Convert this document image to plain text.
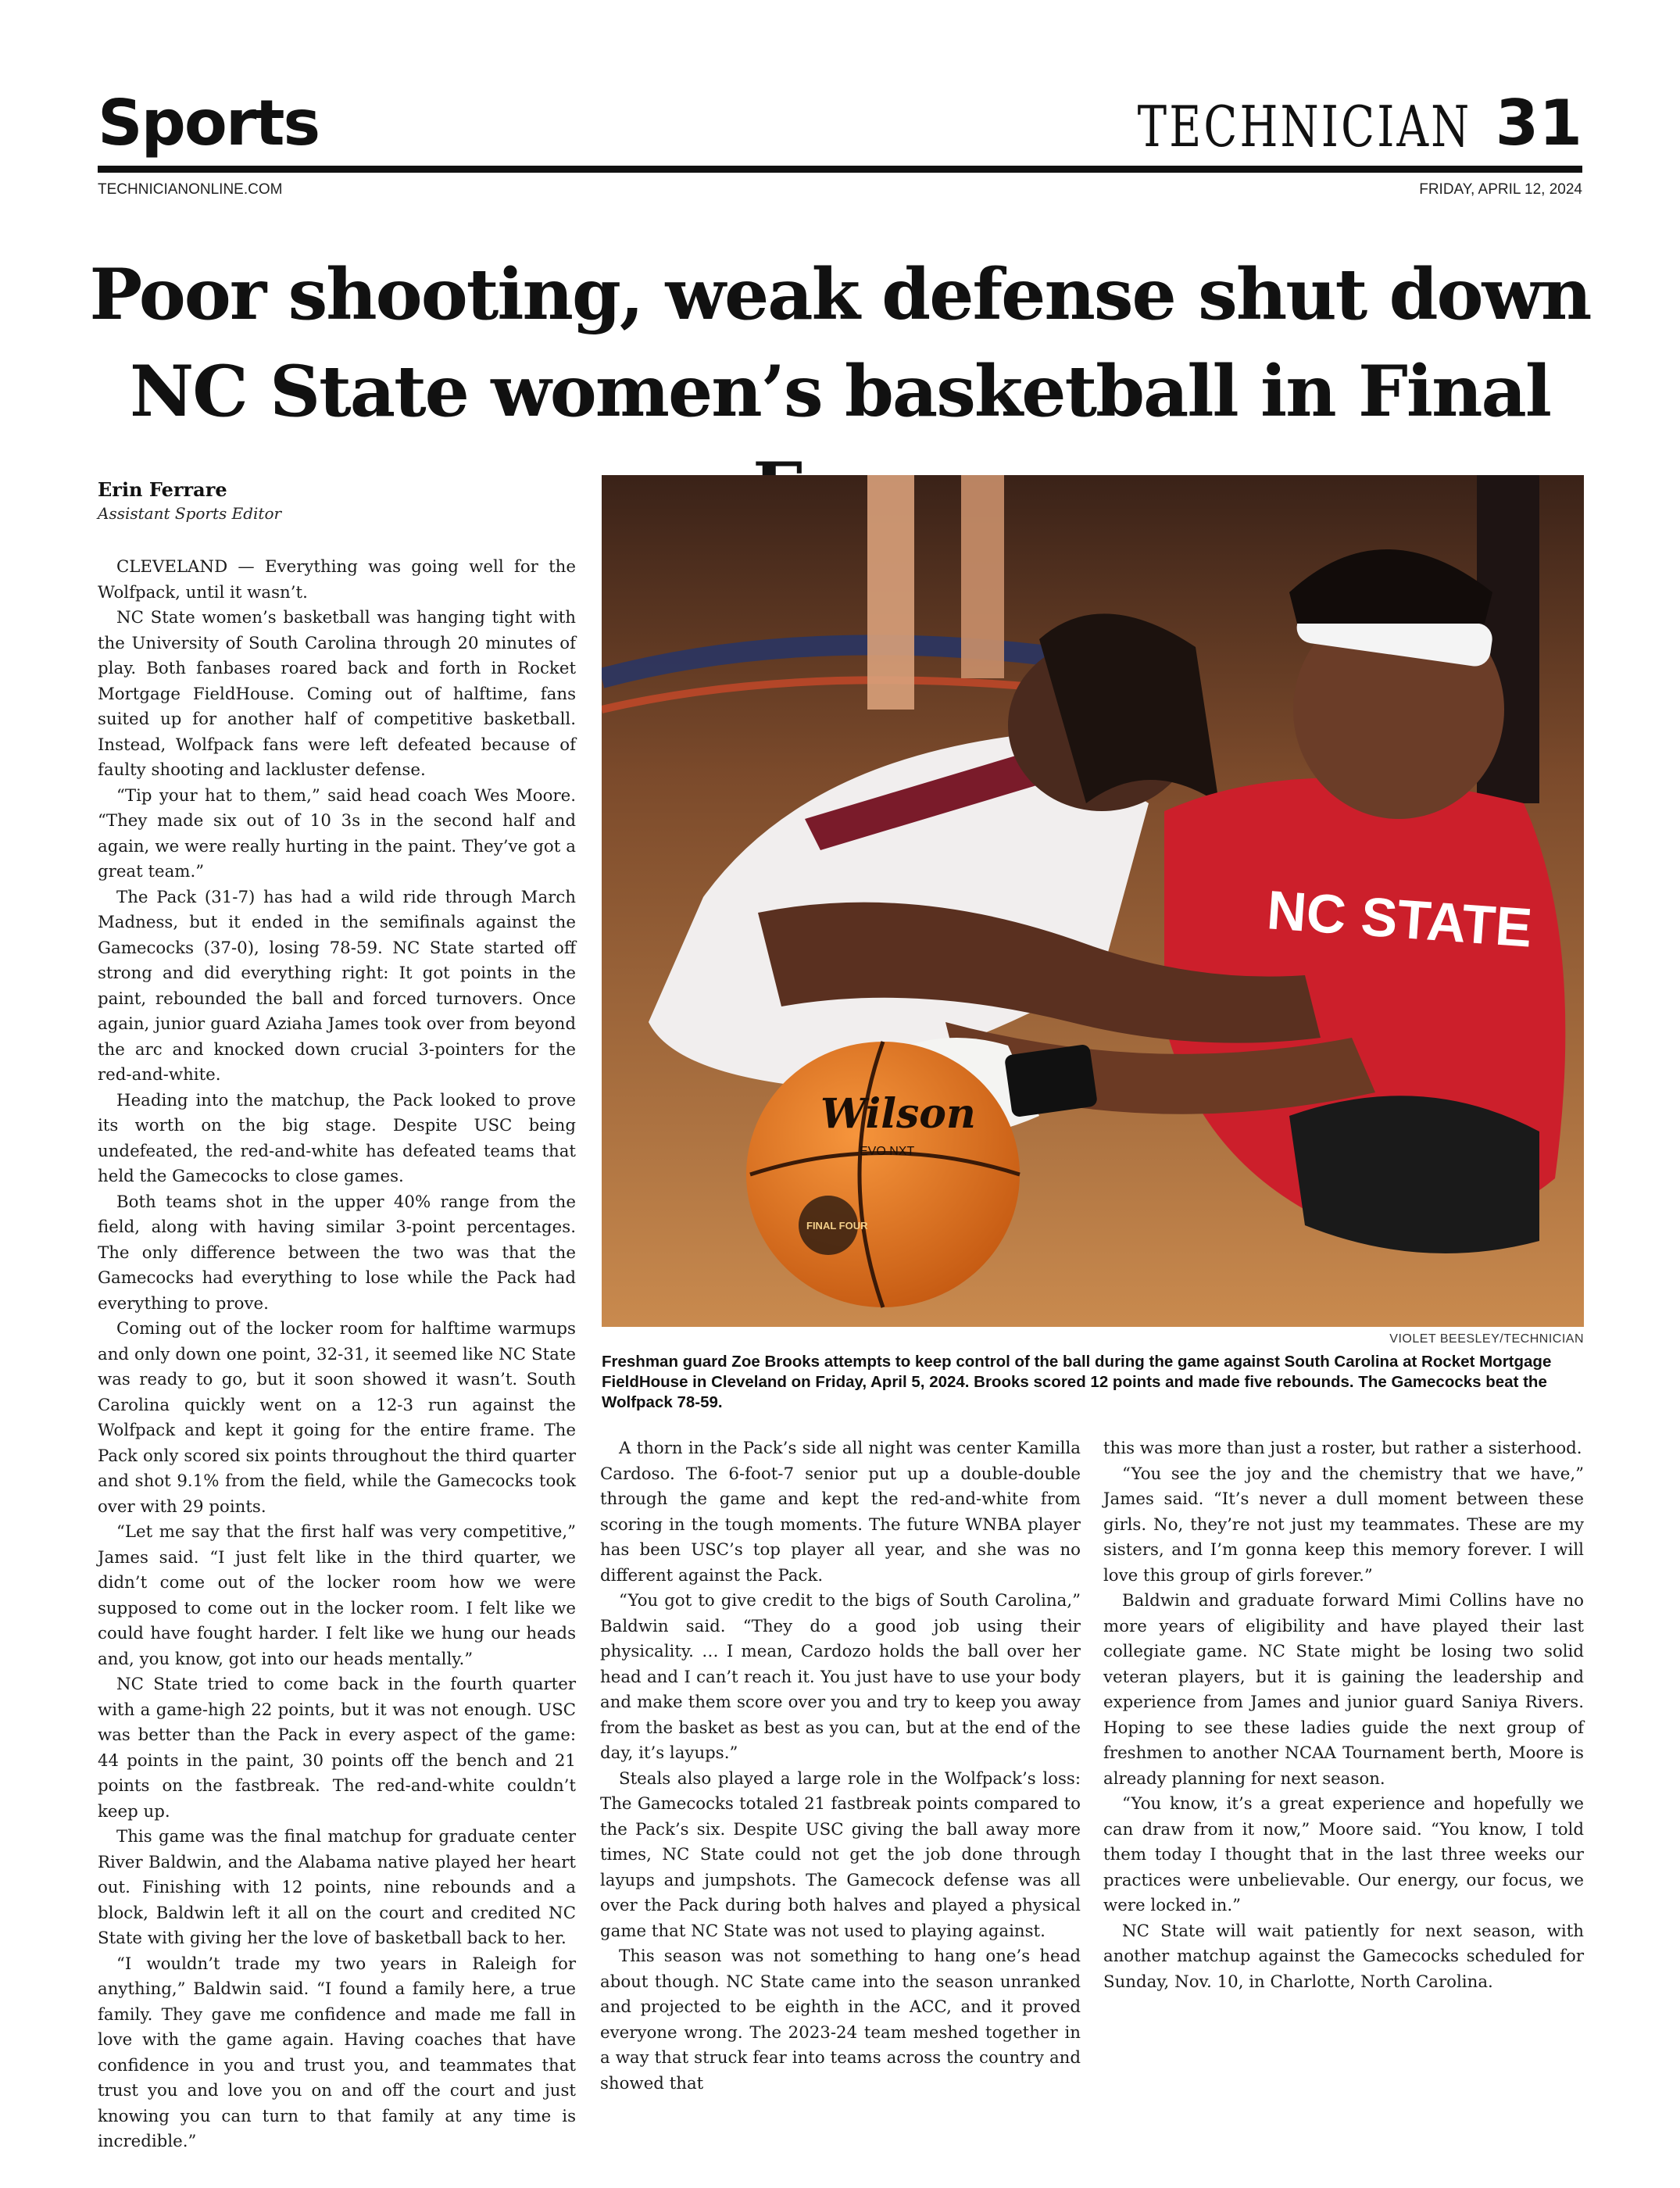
Sports	TECHNICIAN 31
TECHNICIANONLINE.COM	FRIDAY, APRIL 12, 2024
Poor shooting, weak defense shut down
NC State women’s basketball in Final
Erin Ferrare
Assistant Sports Editor

CLEVELAND — Everything was going well for the Wolfpack, until it wasn’t.

NC State women’s basketball was hanging tight with the University of South Carolina through 20 minutes of play. Both fanbases roared back and forth in Rocket Mortgage FieldHouse. Coming out of halftime, fans suited up for another half of competitive basketball. Instead, Wolfpack fans were left defeated because of faulty shooting and lackluster defense.

“Tip your hat to them,” said head coach Wes Moore. “They made six out of 10 3s in the second half and again, we were really hurting in the paint. They’ve got a great team.”

The Pack (31-7) has had a wild ride through March Madness, but it ended in the semifinals against the Gamecocks (37-0), losing 78-59. NC State started off strong and did everything right: It got points in the paint, rebounded the ball and forced turnovers. Once again, junior guard Aziaha James took over from beyond the arc and knocked down crucial 3-pointers for the red-and-white.

Heading into the matchup, the Pack looked to prove its worth on the big stage. Despite USC being undefeated, the red-and-white has defeated teams that held the Gamecocks to close games.

Both teams shot in the upper 40% range from the field, along with having similar 3-point percentages. The only difference between the two was that the Gamecocks had everything to lose while the Pack had everything to prove.

Coming out of the locker room for halftime warmups and only down one point, 32-31, it seemed like NC State was ready to go, but it soon showed it wasn’t. South Carolina quickly went on a 12-3 run against the Wolfpack and kept it going for the entire frame. The Pack only scored six points throughout the third quarter and shot 9.1% from the field, while the Gamecocks took over with 29 points.

“Let me say that the first half was very competitive,” James said. “I just felt like in the third quarter, we didn’t come out of the locker room how we were supposed to come out in the locker room. I felt like we could have fought harder. I felt like we hung our heads and, you know, got into our heads mentally.”

NC State tried to come back in the fourth quarter with a game-high 22 points, but it was not enough. USC was better than the Pack in every aspect of the game: 44 points in the paint, 30 points off the bench and 21 points on the fastbreak. The red-and-white couldn’t keep up.

This game was the final matchup for graduate center River Baldwin, and the Alabama native played her heart out. Finishing with 12 points, nine rebounds and a block, Baldwin left it all on the court and credited NC State with giving her the love of basketball back to her.

“I wouldn’t trade my two years in Raleigh for anything,” Baldwin said. “I found a family here, a true family. They gave me confidence and made me fall in love with the game again. Having coaches that have confidence in you and trust you, and teammates that trust you and love you on and off the court and just knowing you can turn to that family at any time is incredible.”

NC STATE
Wilson
EVO NXT
FINAL FOUR
VIOLET BEESLEY/TECHNICIAN
Freshman guard Zoe Brooks attempts to keep control of the ball during the game against South Carolina at Rocket Mortgage FieldHouse in Cleveland on Friday, April 5, 2024. Brooks scored 12 points and made five rebounds. The Gamecocks beat the Wolfpack 78-59.

A thorn in the Pack’s side all night was center Kamilla Cardoso. The 6-foot-7 senior put up a double-double through the game and kept the red-and-white from scoring in the tough moments. The future WNBA player has been USC’s top player all year, and she was no different against the Pack.

“You got to give credit to the bigs of South Carolina,” Baldwin said. “They do a good job using their physicality. … I mean, Cardozo holds the ball over her head and I can’t reach it. You just have to use your body and make them score over you and try to keep you away from the basket as best as you can, but at the end of the day, it’s layups.”

Steals also played a large role in the Wolfpack’s loss: The Gamecocks totaled 21 fastbreak points compared to the Pack’s six. Despite USC giving the ball away more times, NC State could not get the job done through layups and jumpshots. The Gamecock defense was all over the Pack during both halves and played a physical game that NC State was not used to playing against.

This season was not something to hang one’s head about though. NC State came into the season unranked and projected to be eighth in the ACC, and it proved everyone wrong. The 2023-24 team meshed together in a way that struck fear into teams across the country and showed that

this was more than just a roster, but rather a sisterhood.

“You see the joy and the chemistry that we have,” James said. “It’s never a dull moment between these girls. No, they’re not just my teammates. These are my sisters, and I’m gonna keep this memory forever. I will love this group of girls forever.”

Baldwin and graduate forward Mimi Collins have no more years of eligibility and have played their last collegiate game. NC State might be losing two solid veteran players, but it is gaining the leadership and experience from James and junior guard Saniya Rivers. Hoping to see these ladies guide the next group of freshmen to another NCAA Tournament berth, Moore is already planning for next season.

“You know, it’s a great experience and hopefully we can draw from it now,” Moore said. “You know, I told them today I thought that in the last three weeks our practices were unbelievable. Our energy, our focus, we were locked in.”

NC State will wait patiently for next season, with another matchup against the Gamecocks scheduled for Sunday, Nov. 10, in Charlotte, North Carolina.
